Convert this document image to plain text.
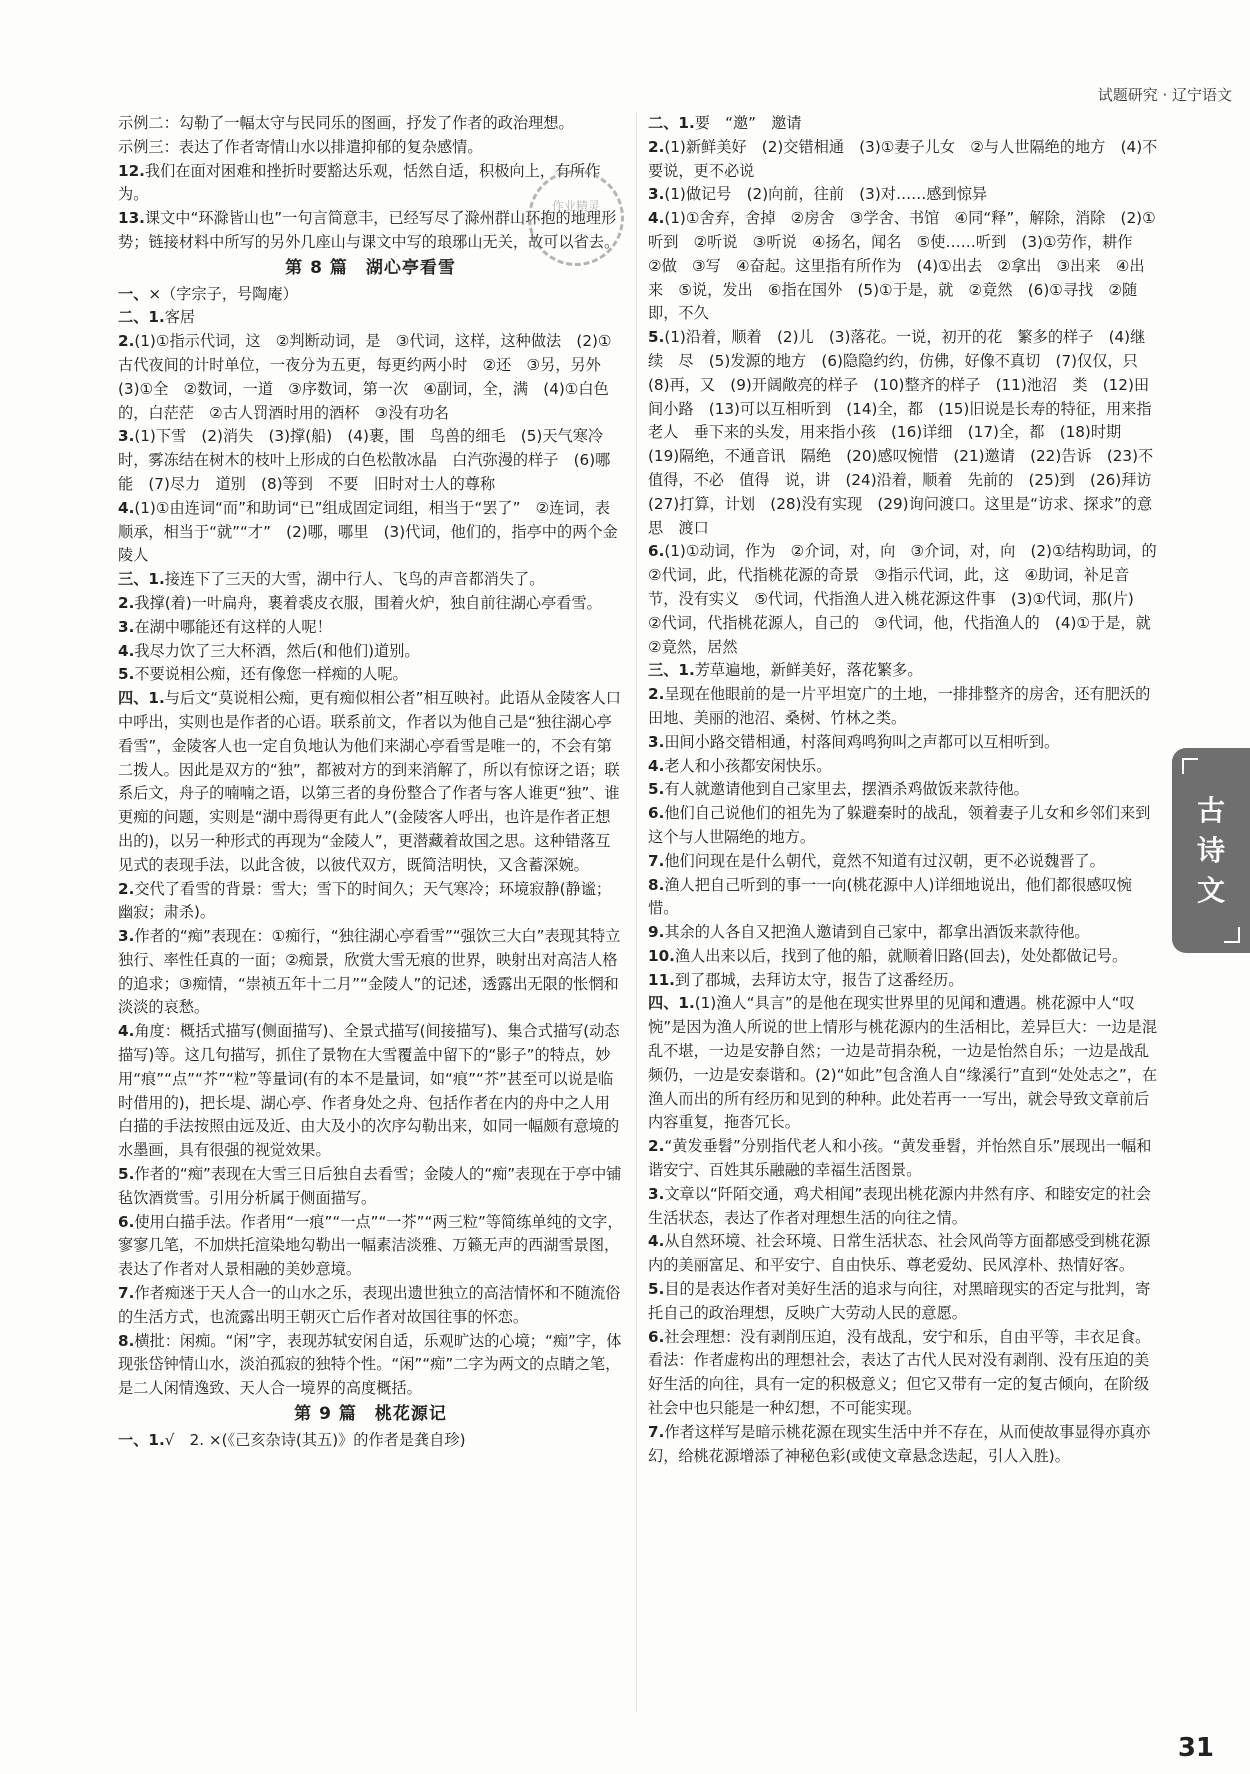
试题研究 · 辽宁语文
示例二：勾勒了一幅太守与民同乐的图画，抒发了作者的政治理想。
示例三：表达了作者寄情山水以排遣抑郁的复杂感情。
12.我们在面对困难和挫折时要豁达乐观，恬然自适，积极向上，有所作为。
13.课文中“环滁皆山也”一句言简意丰，已经写尽了滁州群山环抱的地理形势；链接材料中所写的另外几座山与课文中写的琅琊山无关，故可以省去。
第 8 篇　湖心亭看雪
一、×（字宗子，号陶庵）
二、1.客居
2.(1)①指示代词，这　②判断动词，是　③代词，这样，这种做法　(2)①古代夜间的计时单位，一夜分为五更，每更约两小时　②还　③另，另外　(3)①全　②数词，一道　③序数词，第一次　④副词，全，满　(4)①白色的，白茫茫　②古人罚酒时用的酒杯　③没有功名
3.(1)下雪　(2)消失　(3)撑(船)　(4)裹，围　鸟兽的细毛　(5)天气寒冷时，雾冻结在树木的枝叶上形成的白色松散冰晶　白汽弥漫的样子　(6)哪能　(7)尽力　道别　(8)等到　不要　旧时对士人的尊称
4.(1)①由连词“而”和助词“已”组成固定词组，相当于“罢了”　②连词，表顺承，相当于“就”“才”　(2)哪，哪里　(3)代词，他们的，指亭中的两个金陵人
三、1.接连下了三天的大雪，湖中行人、飞鸟的声音都消失了。
2.我撑(着)一叶扁舟，裹着裘皮衣服，围着火炉，独自前往湖心亭看雪。
3.在湖中哪能还有这样的人呢！
4.我尽力饮了三大杯酒，然后(和他们)道别。
5.不要说相公痴，还有像您一样痴的人呢。
四、1.与后文“莫说相公痴，更有痴似相公者”相互映衬。此语从金陵客人口中呼出，实则也是作者的心语。联系前文，作者以为他自己是“独往湖心亭看雪”，金陵客人也一定自负地认为他们来湖心亭看雪是唯一的，不会有第二拨人。因此是双方的“独”，都被对方的到来消解了，所以有惊讶之语；联系后文，舟子的喃喃之语，以第三者的身份整合了作者与客人谁更“独”、谁更痴的问题，实则是“湖中焉得更有此人”(金陵客人呼出，也许是作者正想出的)，以另一种形式的再现为“金陵人”，更潜藏着故国之思。这种错落互见式的表现手法，以此含彼，以彼代双方，既简洁明快，又含蓄深婉。
2.交代了看雪的背景：雪大；雪下的时间久；天气寒冷；环境寂静(静谧；幽寂；肃杀)。
3.作者的“痴”表现在：①痴行，“独往湖心亭看雪”“强饮三大白”表现其特立独行、率性任真的一面；②痴景，欣赏大雪无痕的世界，映射出对高洁人格的追求；③痴情，“崇祯五年十二月”“金陵人”的记述，透露出无限的怅惘和淡淡的哀愁。
4.角度：概括式描写(侧面描写)、全景式描写(间接描写)、集合式描写(动态描写)等。这几句描写，抓住了景物在大雪覆盖中留下的“影子”的特点，妙用“痕”“点”“芥”“粒”等量词(有的本不是量词，如“痕”“芥”甚至可以说是临时借用的)，把长堤、湖心亭、作者身处之舟、包括作者在内的舟中之人用白描的手法按照由远及近、由大及小的次序勾勒出来，如同一幅颇有意境的水墨画，具有很强的视觉效果。
5.作者的“痴”表现在大雪三日后独自去看雪；金陵人的“痴”表现在于亭中铺毡饮酒赏雪。引用分析属于侧面描写。
6.使用白描手法。作者用“一痕”“一点”“一芥”“两三粒”等简练单纯的文字，寥寥几笔，不加烘托渲染地勾勒出一幅素洁淡雅、万籁无声的西湖雪景图，表达了作者对人景相融的美妙意境。
7.作者痴迷于天人合一的山水之乐，表现出遗世独立的高洁情怀和不随流俗的生活方式，也流露出明王朝灭亡后作者对故国往事的怀恋。
8.横批：闲痴。“闲”字，表现苏轼安闲自适，乐观旷达的心境；“痴”字，体现张岱钟情山水，淡泊孤寂的独特个性。“闲”“痴”二字为两文的点睛之笔，是二人闲情逸致、天人合一境界的高度概括。
第 9 篇　桃花源记
一、1.√　2. ×(《己亥杂诗(其五)》的作者是龚自珍)
二、1.要　“邀”　邀请
2.(1)新鲜美好　(2)交错相通　(3)①妻子儿女　②与人世隔绝的地方　(4)不要说，更不必说
3.(1)做记号　(2)向前，往前　(3)对……感到惊异
4.(1)①舍弃，舍掉　②房舍　③学舍、书馆　④同“释”，解除，消除　(2)①听到　②听说　③听说　④扬名，闻名　⑤使……听到　(3)①劳作，耕作　②做　③写　④奋起。这里指有所作为　(4)①出去　②拿出　③出来　④出来　⑤说，发出　⑥指在国外　(5)①于是，就　②竟然　(6)①寻找　②随即，不久
5.(1)沿着，顺着　(2)儿　(3)落花。一说，初开的花　繁多的样子　(4)继续　尽　(5)发源的地方　(6)隐隐约约，仿佛，好像不真切　(7)仅仅，只　(8)再，又　(9)开阔敞亮的样子　(10)整齐的样子　(11)池沼　类　(12)田间小路　(13)可以互相听到　(14)全，都　(15)旧说是长寿的特征，用来指老人　垂下来的头发，用来指小孩　(16)详细　(17)全，都　(18)时期　(19)隔绝，不通音讯　隔绝　(20)感叹惋惜　(21)邀请　(22)告诉　(23)不值得，不必　值得　说，讲　(24)沿着，顺着　先前的　(25)到　(26)拜访　(27)打算，计划　(28)没有实现　(29)询问渡口。这里是“访求、探求”的意思　渡口
6.(1)①动词，作为　②介词，对，向　③介词，对，向　(2)①结构助词，的　②代词，此，代指桃花源的奇景　③指示代词，此，这　④助词，补足音节，没有实义　⑤代词，代指渔人进入桃花源这件事　(3)①代词，那(片)　②代词，代指桃花源人，自己的　③代词，他，代指渔人的　(4)①于是，就　②竟然，居然
三、1.芳草遍地，新鲜美好，落花繁多。
2.呈现在他眼前的是一片平坦宽广的土地，一排排整齐的房舍，还有肥沃的田地、美丽的池沼、桑树、竹林之类。
3.田间小路交错相通，村落间鸡鸣狗叫之声都可以互相听到。
4.老人和小孩都安闲快乐。
5.有人就邀请他到自己家里去，摆酒杀鸡做饭来款待他。
6.他们自己说他们的祖先为了躲避秦时的战乱，领着妻子儿女和乡邻们来到这个与人世隔绝的地方。
7.他们问现在是什么朝代，竟然不知道有过汉朝，更不必说魏晋了。
8.渔人把自己听到的事一一向(桃花源中人)详细地说出，他们都很感叹惋惜。
9.其余的人各自又把渔人邀请到自己家中，都拿出酒饭来款待他。
10.渔人出来以后，找到了他的船，就顺着旧路(回去)，处处都做记号。
11.到了郡城，去拜访太守，报告了这番经历。
四、1.(1)渔人“具言”的是他在现实世界里的见闻和遭遇。桃花源中人“叹惋”是因为渔人所说的世上情形与桃花源内的生活相比，差异巨大：一边是混乱不堪，一边是安静自然；一边是苛捐杂税，一边是怡然自乐；一边是战乱频仍，一边是安泰谐和。(2)“如此”包含渔人自“缘溪行”直到“处处志之”，在渔人而出的所有经历和见到的种种。此处若再一一写出，就会导致文章前后内容重复，拖沓冗长。
2.“黄发垂髫”分别指代老人和小孩。“黄发垂髫，并怡然自乐”展现出一幅和谐安宁、百姓其乐融融的幸福生活图景。
3.文章以“阡陌交通，鸡犬相闻”表现出桃花源内井然有序、和睦安定的社会生活状态，表达了作者对理想生活的向往之情。
4.从自然环境、社会环境、日常生活状态、社会风尚等方面都感受到桃花源内的美丽富足、和平安宁、自由快乐、尊老爱幼、民风淳朴、热情好客。
5.目的是表达作者对美好生活的追求与向往，对黑暗现实的否定与批判，寄托自己的政治理想，反映广大劳动人民的意愿。
6.社会理想：没有剥削压迫，没有战乱，安宁和乐，自由平等，丰衣足食。看法：作者虚构出的理想社会，表达了古代人民对没有剥削、没有压迫的美好生活的向往，具有一定的积极意义；但它又带有一定的复古倾向，在阶级社会中也只能是一种幻想，不可能实现。
7.作者这样写是暗示桃花源在现实生活中并不存在，从而使故事显得亦真亦幻，给桃花源增添了神秘色彩(或使文章悬念迭起，引人入胜)。
作业精灵
古诗文
31
